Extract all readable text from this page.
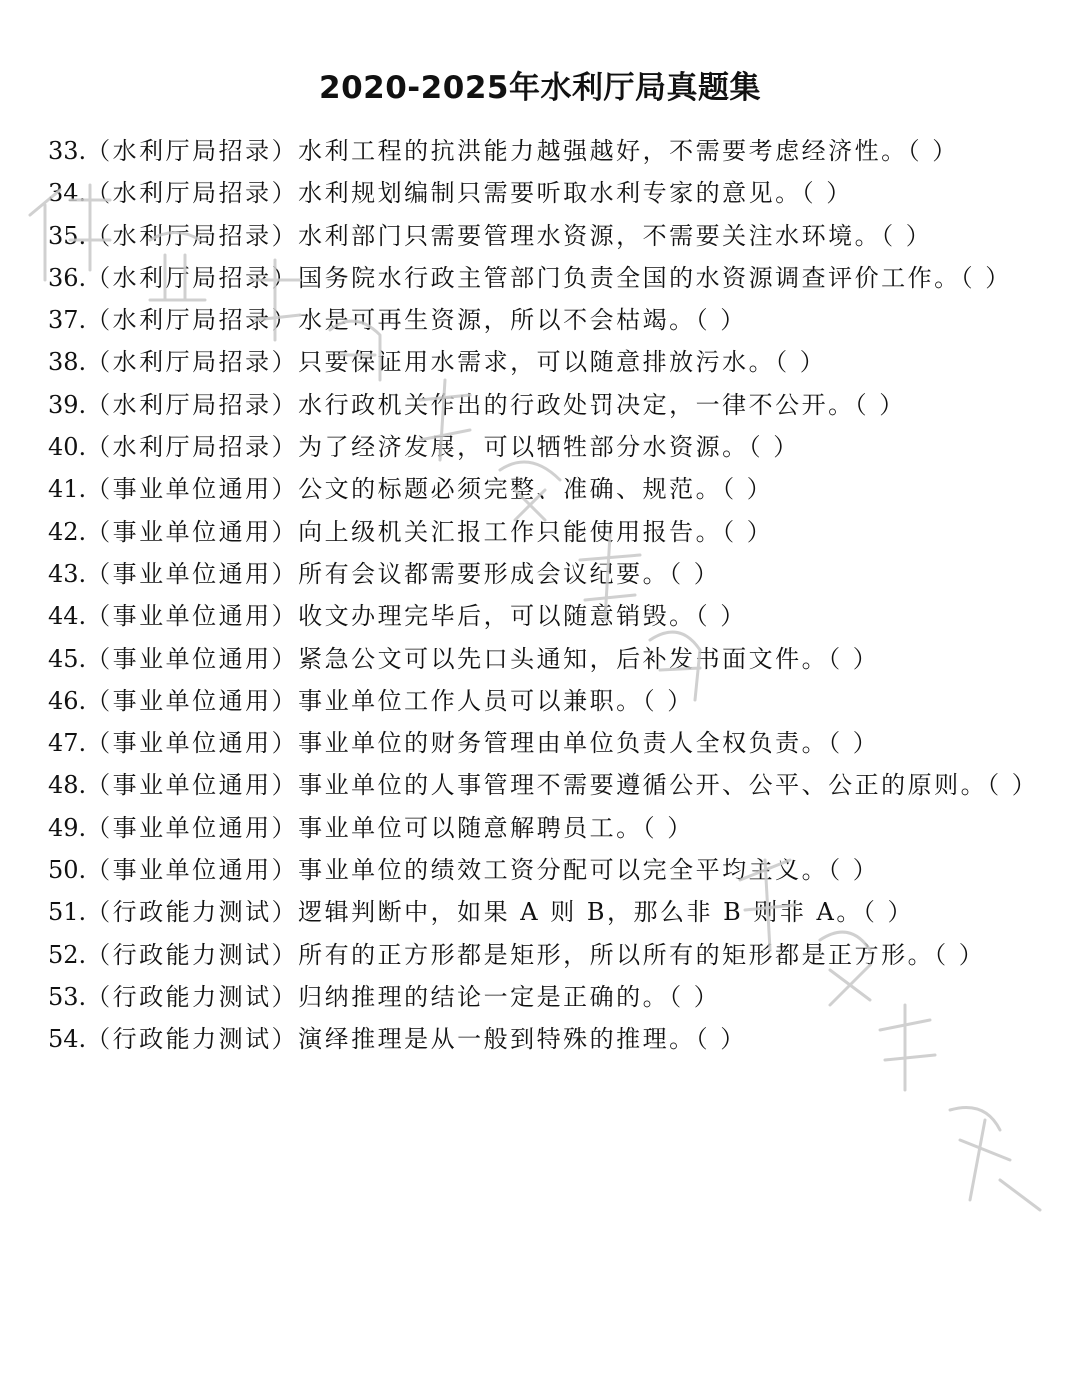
2020-2025年水利厅局真题集
33.（水利厅局招录）水利工程的抗洪能力越强越好，不需要考虑经济性。（ ）
34.（水利厅局招录）水利规划编制只需要听取水利专家的意见。（ ）
35.（水利厅局招录）水利部门只需要管理水资源，不需要关注水环境。（ ）
36.（水利厅局招录）国务院水行政主管部门负责全国的水资源调查评价工作。（ ）
37.（水利厅局招录）水是可再生资源，所以不会枯竭。（ ）
38.（水利厅局招录）只要保证用水需求，可以随意排放污水。（ ）
39.（水利厅局招录）水行政机关作出的行政处罚决定，一律不公开。（ ）
40.（水利厅局招录）为了经济发展，可以牺牲部分水资源。（ ）
41.（事业单位通用）公文的标题必须完整、准确、规范。（ ）
42.（事业单位通用）向上级机关汇报工作只能使用报告。（ ）
43.（事业单位通用）所有会议都需要形成会议纪要。（ ）
44.（事业单位通用）收文办理完毕后，可以随意销毁。（ ）
45.（事业单位通用）紧急公文可以先口头通知，后补发书面文件。（ ）
46.（事业单位通用）事业单位工作人员可以兼职。（ ）
47.（事业单位通用）事业单位的财务管理由单位负责人全权负责。（ ）
48.（事业单位通用）事业单位的人事管理不需要遵循公开、公平、公正的原则。（ ）
49.（事业单位通用）事业单位可以随意解聘员工。（ ）
50.（事业单位通用）事业单位的绩效工资分配可以完全平均主义。（ ）
51.（行政能力测试）逻辑判断中，如果 A 则 B，那么非 B 则非 A。（ ）
52.（行政能力测试）所有的正方形都是矩形，所以所有的矩形都是正方形。（ ）
53.（行政能力测试）归纳推理的结论一定是正确的。（ ）
54.（行政能力测试）演绎推理是从一般到特殊的推理。（ ）
